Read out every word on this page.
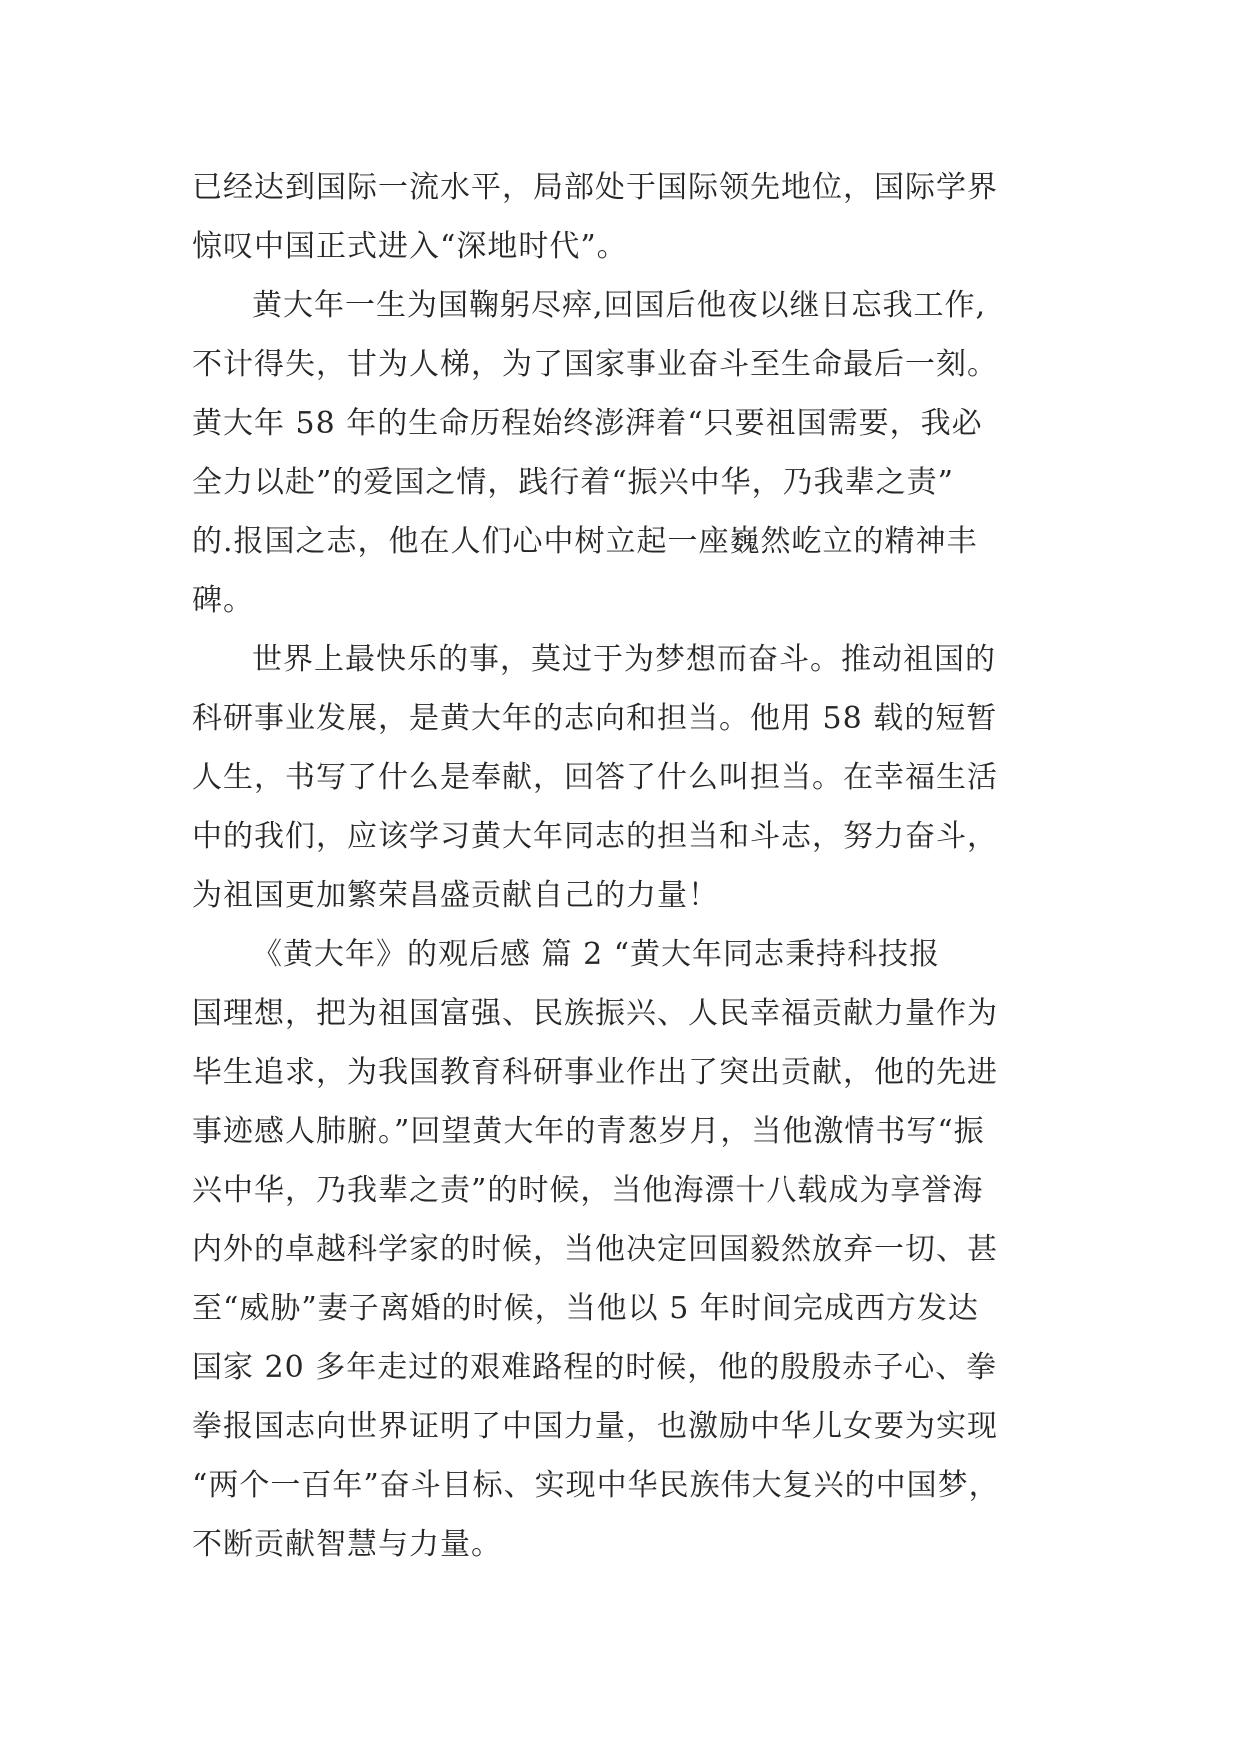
已经达到国际一流水平，局部处于国际领先地位，国际学界
惊叹中国正式进入“深地时代”。
黄大年一生为国鞠躬尽瘁,回国后他夜以继日忘我工作,
不计得失，甘为人梯，为了国家事业奋斗至生命最后一刻。
黄大年 58 年的生命历程始终澎湃着“只要祖国需要，我必
全力以赴”的爱国之情，践行着“振兴中华，乃我辈之责”
的.报国之志，他在人们心中树立起一座巍然屹立的精神丰
碑。
世界上最快乐的事，莫过于为梦想而奋斗。推动祖国的
科研事业发展，是黄大年的志向和担当。他用 58 载的短暂
人生，书写了什么是奉献，回答了什么叫担当。在幸福生活
中的我们，应该学习黄大年同志的担当和斗志，努力奋斗，
为祖国更加繁荣昌盛贡献自己的力量！
《黄大年》的观后感 篇 2 “黄大年同志秉持科技报
国理想，把为祖国富强、民族振兴、人民幸福贡献力量作为
毕生追求，为我国教育科研事业作出了突出贡献，他的先进
事迹感人肺腑。”回望黄大年的青葱岁月，当他激情书写“振
兴中华，乃我辈之责”的时候，当他海漂十八载成为享誉海
内外的卓越科学家的时候，当他决定回国毅然放弃一切、甚
至“威胁”妻子离婚的时候，当他以 5 年时间完成西方发达
国家 20 多年走过的艰难路程的时候，他的殷殷赤子心、拳
拳报国志向世界证明了中国力量，也激励中华儿女要为实现
“两个一百年”奋斗目标、实现中华民族伟大复兴的中国梦，
不断贡献智慧与力量。
